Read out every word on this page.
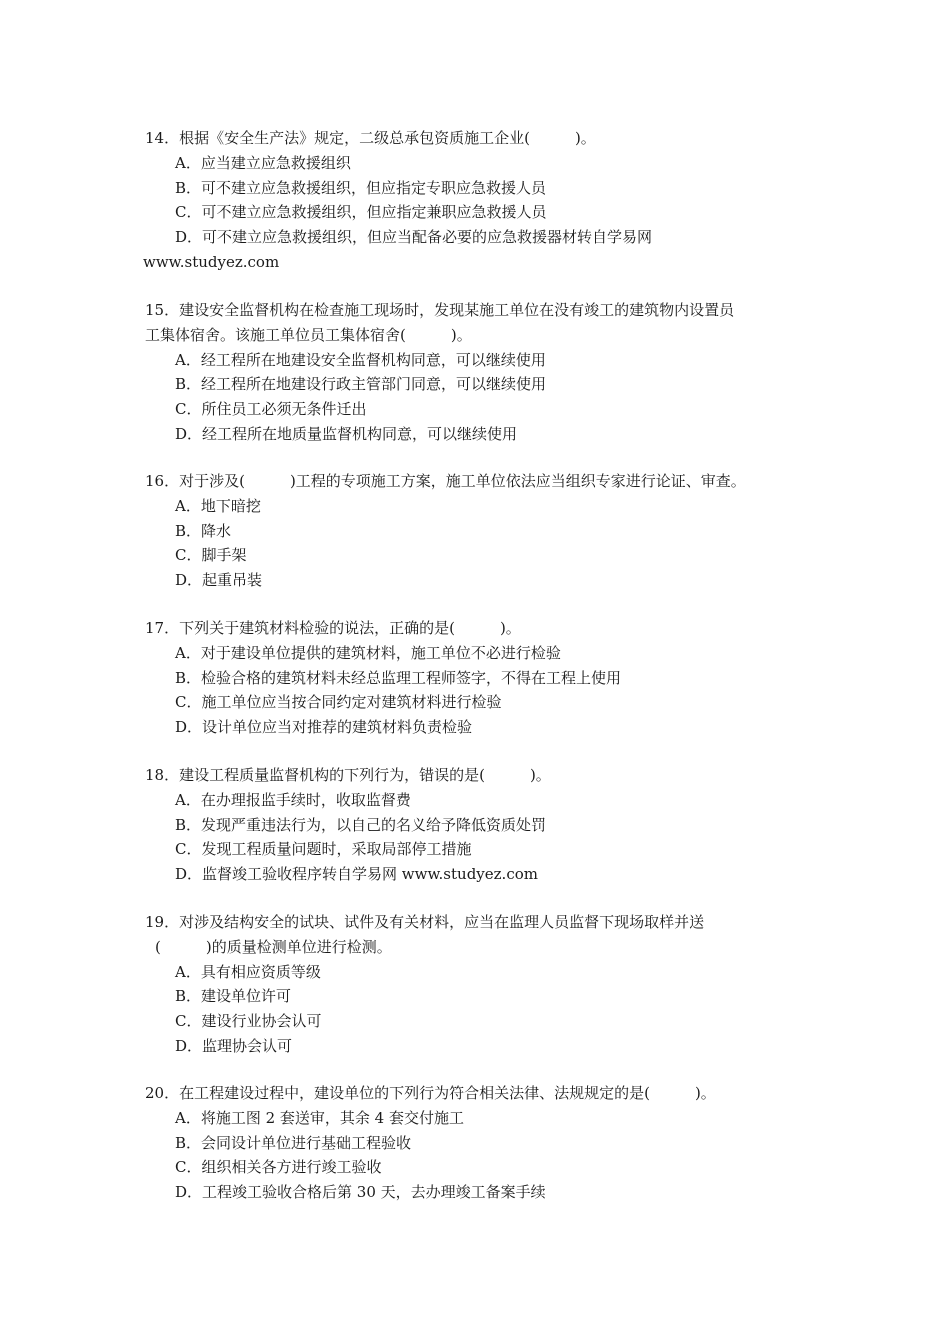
14．根据《安全生产法》规定，二级总承包资质施工企业(　　　)。
A．应当建立应急救援组织
B．可不建立应急救援组织，但应指定专职应急救援人员
C．可不建立应急救援组织，但应指定兼职应急救援人员
D．可不建立应急救援组织，但应当配备必要的应急救援器材转自学易网
www.studyez.com
15．建设安全监督机构在检查施工现场时，发现某施工单位在没有竣工的建筑物内设置员
工集体宿舍。该施工单位员工集体宿舍(　　　)。
A．经工程所在地建设安全监督机构同意，可以继续使用
B．经工程所在地建设行政主管部门同意，可以继续使用
C．所住员工必须无条件迁出
D．经工程所在地质量监督机构同意，可以继续使用
16．对于涉及(　　　)工程的专项施工方案，施工单位依法应当组织专家进行论证、审查。
A．地下暗挖
B．降水
C．脚手架
D．起重吊装
17．下列关于建筑材料检验的说法，正确的是(　　　)。
A．对于建设单位提供的建筑材料，施工单位不必进行检验
B．检验合格的建筑材料未经总监理工程师签字，不得在工程上使用
C．施工单位应当按合同约定对建筑材料进行检验
D．设计单位应当对推荐的建筑材料负责检验
18．建设工程质量监督机构的下列行为，错误的是(　　　)。
A．在办理报监手续时，收取监督费
B．发现严重违法行为，以自己的名义给予降低资质处罚
C．发现工程质量问题时，采取局部停工措施
D．监督竣工验收程序转自学易网 www.studyez.com
19．对涉及结构安全的试块、试件及有关材料，应当在监理人员监督下现场取样并送
(　　　)的质量检测单位进行检测。
A．具有相应资质等级
B．建设单位许可
C．建设行业协会认可
D．监理协会认可
20．在工程建设过程中，建设单位的下列行为符合相关法律、法规规定的是(　　　)。
A．将施工图 2 套送审，其余 4 套交付施工
B．会同设计单位进行基础工程验收
C．组织相关各方进行竣工验收
D．工程竣工验收合格后第 30 天，去办理竣工备案手续
